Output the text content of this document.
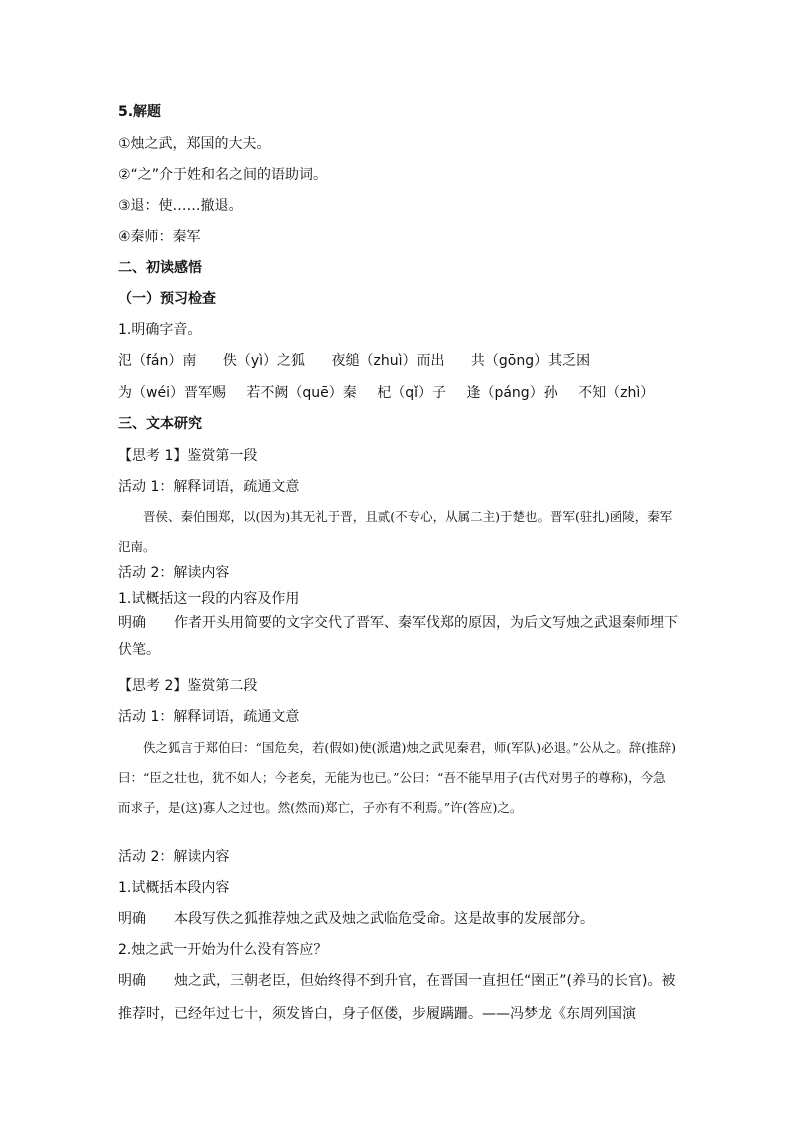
5.解题
①烛之武，郑国的大夫。
②“之”介于姓和名之间的语助词。
③退：使……撤退。
④秦师：秦军
二、初读感悟
（一）预习检查
1.明确字音。
氾（fán）南 佚（yì）之狐 夜缒（zhuì）而出 共（gōng）其乏困
为（wéi）晋军赐 若不阙（quē）秦 杞（qǐ）子 逢（páng）孙 不知（zhì）
三、文本研究
【思考 1】鉴赏第一段
活动 1：解释词语，疏通文意

晋侯、秦伯围郑，以(因为)其无礼于晋，且贰(不专心，从属二主)于楚也。晋军(驻扎)函陵，秦军氾南。

活动 2：解读内容
1.试概括这一段的内容及作用
明确　　作者开头用简要的文字交代了晋军、秦军伐郑的原因，为后文写烛之武退秦师埋下伏笔。
【思考 2】鉴赏第二段
活动 1：解释词语，疏通文意

佚之狐言于郑伯曰：“国危矣，若(假如)使(派遣)烛之武见秦君，师(军队)必退。”公从之。辞(推辞)曰：“臣之壮也，犹不如人；今老矣，无能为也已。”公曰：“吾不能早用子(古代对男子的尊称)，今急而求子，是(这)寡人之过也。然(然而)郑亡，子亦有不利焉。”许(答应)之。

活动 2：解读内容
1.试概括本段内容
明确　　本段写佚之狐推荐烛之武及烛之武临危受命。这是故事的发展部分。
2.烛之武一开始为什么没有答应？
明确　　烛之武，三朝老臣，但始终得不到升官，在晋国一直担任“圉正”(养马的长官)。被推荐时，已经年过七十，须发皆白，身子伛偻，步履蹒跚。——冯梦龙《东周列国演
